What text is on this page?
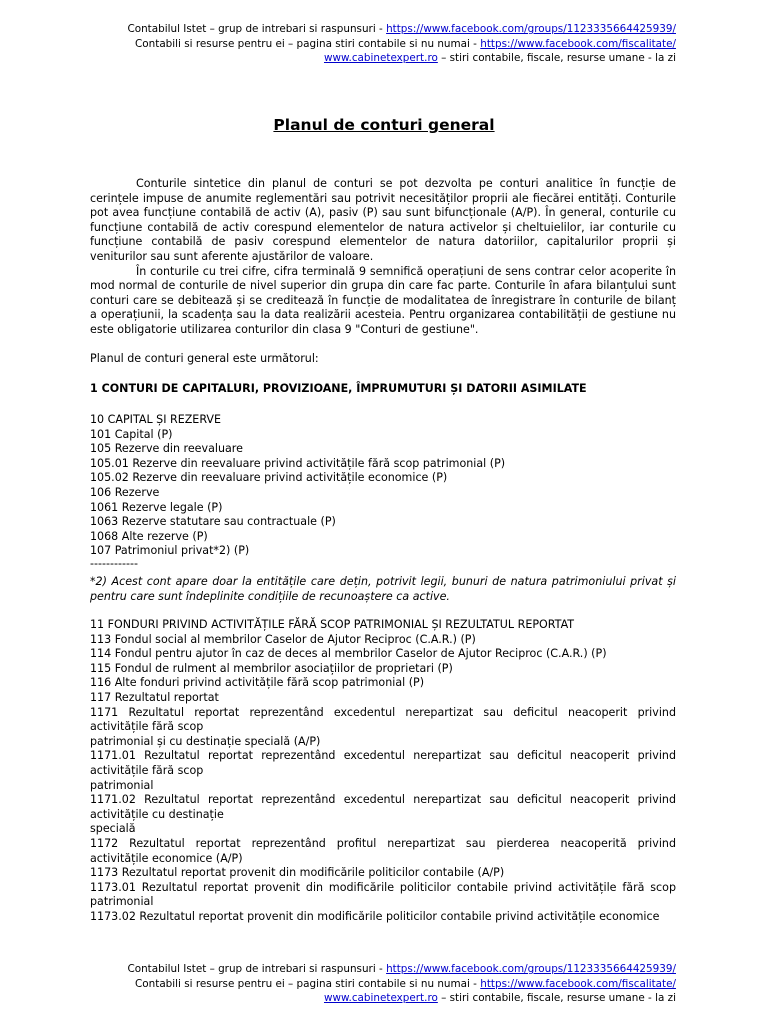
Contabilul Istet – grup de intrebari si raspunsuri - https://www.facebook.com/groups/1123335664425939/
Contabili si resurse pentru ei – pagina stiri contabile si nu numai - https://www.facebook.com/fiscalitate/
www.cabinetexpert.ro – stiri contabile, fiscale, resurse umane - la zi
Planul de conturi general

Conturile sintetice din planul de conturi se pot dezvolta pe conturi analitice în funcție de cerințele impuse de anumite reglementări sau potrivit necesităților proprii ale fiecărei entități. Conturile pot avea funcțiune contabilă de activ (A), pasiv (P) sau sunt bifuncționale (A/P). În general, conturile cu funcțiune contabilă de activ corespund elementelor de natura activelor și cheltuielilor, iar conturile cu funcțiune contabilă de pasiv corespund elementelor de natura datoriilor, capitalurilor proprii și veniturilor sau sunt aferente ajustărilor de valoare.

În conturile cu trei cifre, cifra terminală 9 semnifică operațiuni de sens contrar celor acoperite în mod normal de conturile de nivel superior din grupa din care fac parte. Conturile în afara bilanțului sunt conturi care se debitează și se creditează în funcție de modalitatea de înregistrare în conturile de bilanț a operațiunii, la scadența sau la data realizării acesteia. Pentru organizarea contabilității de gestiune nu este obligatorie utilizarea conturilor din clasa 9 "Conturi de gestiune".

Planul de conturi general este următorul:
1 CONTURI DE CAPITALURI, PROVIZIOANE, ÎMPRUMUTURI ȘI DATORII ASIMILATE
10 CAPITAL ȘI REZERVE
101 Capital (P)
105 Rezerve din reevaluare
105.01 Rezerve din reevaluare privind activitățile fără scop patrimonial (P)
105.02 Rezerve din reevaluare privind activitățile economice (P)
106 Rezerve
1061 Rezerve legale (P)
1063 Rezerve statutare sau contractuale (P)
1068 Alte rezerve (P)
107 Patrimoniul privat*2) (P)
------------
*2) Acest cont apare doar la entitățile care dețin, potrivit legii, bunuri de natura patrimoniului privat și pentru care sunt îndeplinite condițiile de recunoaștere ca active.
11 FONDURI PRIVIND ACTIVITĂȚILE FĂRĂ SCOP PATRIMONIAL ȘI REZULTATUL REPORTAT
113 Fondul social al membrilor Caselor de Ajutor Reciproc (C.A.R.) (P)
114 Fondul pentru ajutor în caz de deces al membrilor Caselor de Ajutor Reciproc (C.A.R.) (P)
115 Fondul de rulment al membrilor asociațiilor de proprietari (P)
116 Alte fonduri privind activitățile fără scop patrimonial (P)
117 Rezultatul reportat
1171 Rezultatul reportat reprezentând excedentul nerepartizat sau deficitul neacoperit privind
activitățile fără scop
patrimonial și cu destinație specială (A/P)
1171.01 Rezultatul reportat reprezentând excedentul nerepartizat sau deficitul neacoperit privind
activitățile fără scop
patrimonial
1171.02 Rezultatul reportat reprezentând excedentul nerepartizat sau deficitul neacoperit privind
activitățile cu destinație
specială
1172 Rezultatul reportat reprezentând profitul nerepartizat sau pierderea neacoperită privind
activitățile economice (A/P)
1173 Rezultatul reportat provenit din modificările politicilor contabile (A/P)
1173.01 Rezultatul reportat provenit din modificările politicilor contabile privind activitățile fără scop
patrimonial
1173.02 Rezultatul reportat provenit din modificările politicilor contabile privind activitățile economice
Contabilul Istet – grup de intrebari si raspunsuri - https://www.facebook.com/groups/1123335664425939/
Contabili si resurse pentru ei – pagina stiri contabile si nu numai - https://www.facebook.com/fiscalitate/
www.cabinetexpert.ro – stiri contabile, fiscale, resurse umane - la zi
